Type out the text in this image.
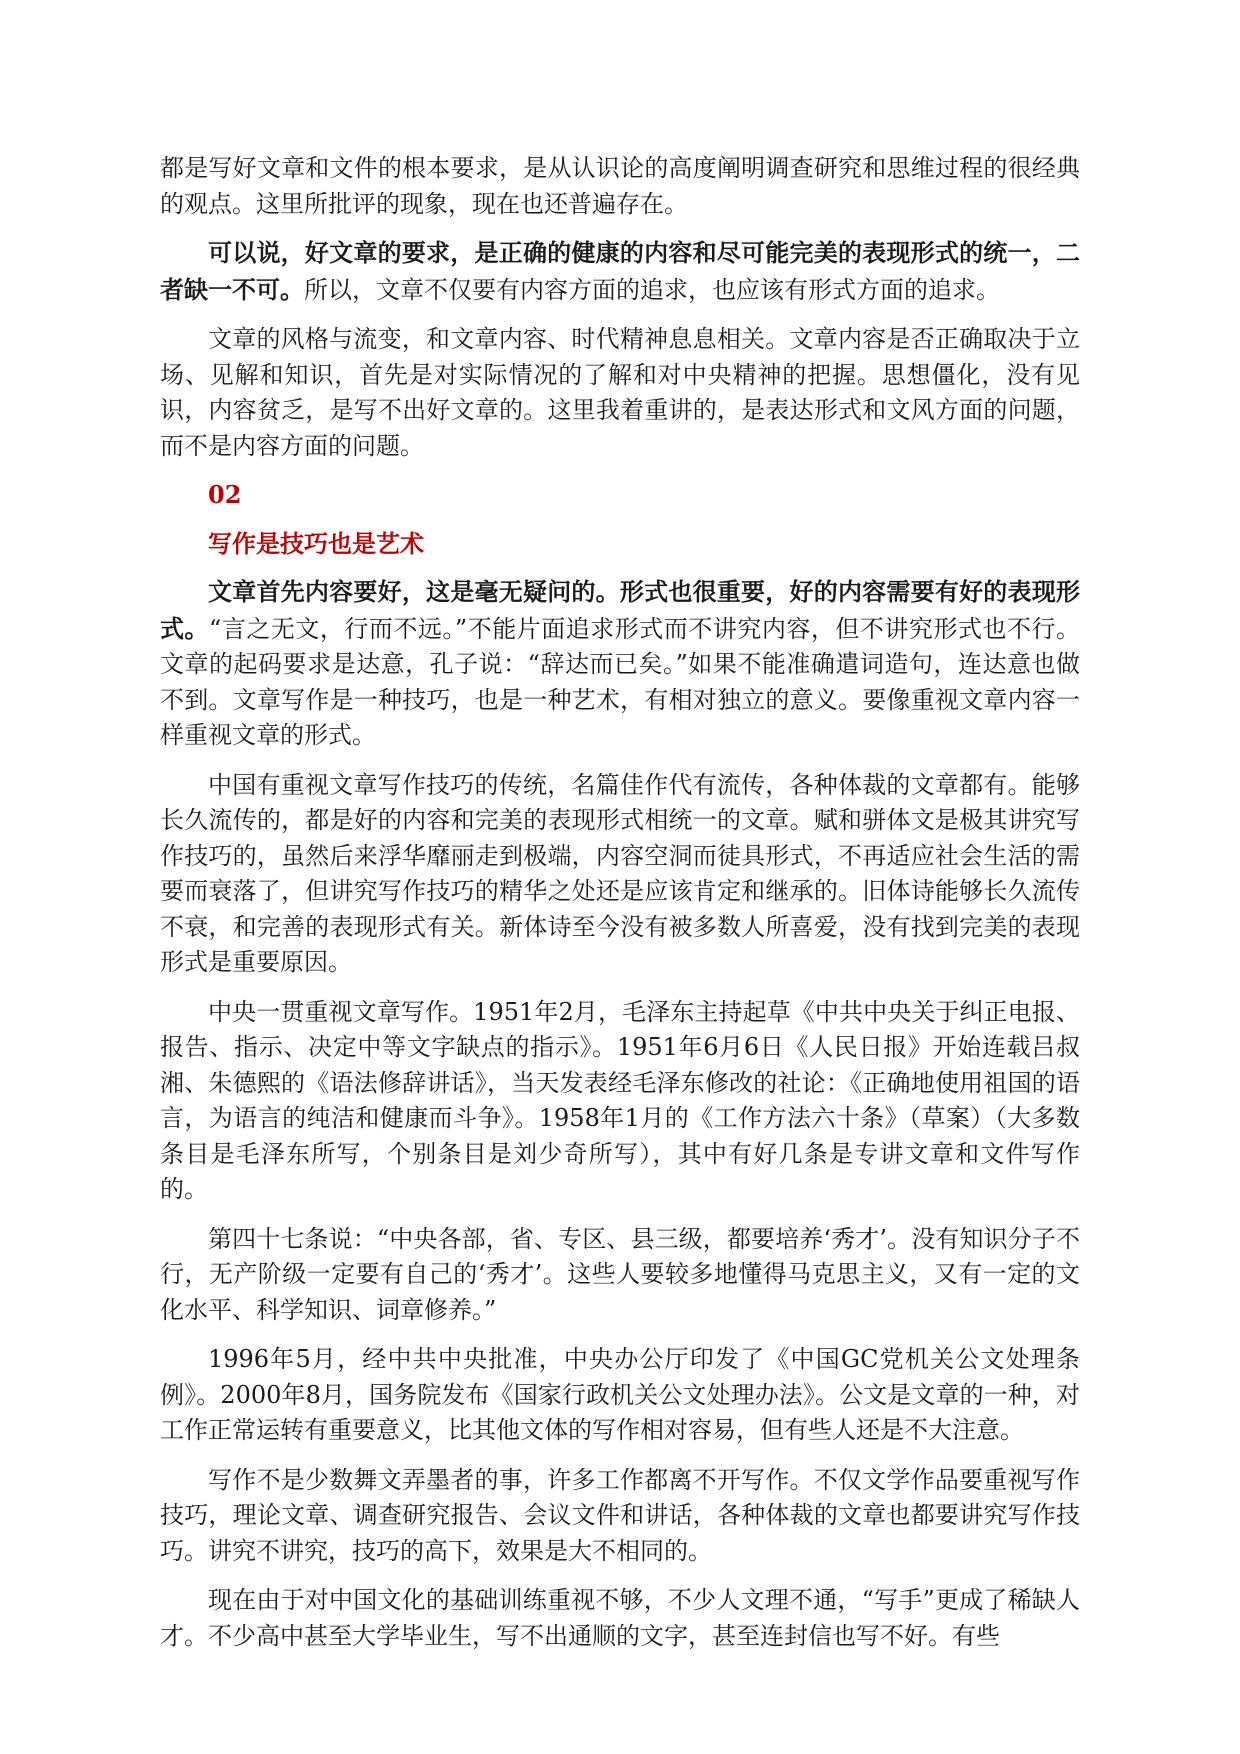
都是写好文章和文件的根本要求，是从认识论的高度阐明调查研究和思维过程的很经典的观点。这里所批评的现象，现在也还普遍存在。

可以说，好文章的要求，是正确的健康的内容和尽可能完美的表现形式的统一，二者缺一不可。所以，文章不仅要有内容方面的追求，也应该有形式方面的追求。

文章的风格与流变，和文章内容、时代精神息息相关。文章内容是否正确取决于立场、见解和知识，首先是对实际情况的了解和对中央精神的把握。思想僵化，没有见识，内容贫乏，是写不出好文章的。这里我着重讲的，是表达形式和文风方面的问题，而不是内容方面的问题。

02

写作是技巧也是艺术

文章首先内容要好，这是毫无疑问的。形式也很重要，好的内容需要有好的表现形式。“言之无文，行而不远。”不能片面追求形式而不讲究内容，但不讲究形式也不行。文章的起码要求是达意，孔子说：“辞达而已矣。”如果不能准确遣词造句，连达意也做不到。文章写作是一种技巧，也是一种艺术，有相对独立的意义。要像重视文章内容一样重视文章的形式。

中国有重视文章写作技巧的传统，名篇佳作代有流传，各种体裁的文章都有。能够长久流传的，都是好的内容和完美的表现形式相统一的文章。赋和骈体文是极其讲究写作技巧的，虽然后来浮华靡丽走到极端，内容空洞而徒具形式，不再适应社会生活的需要而衰落了，但讲究写作技巧的精华之处还是应该肯定和继承的。旧体诗能够长久流传不衰，和完善的表现形式有关。新体诗至今没有被多数人所喜爱，没有找到完美的表现形式是重要原因。

中央一贯重视文章写作。1951年2月，毛泽东主持起草《中共中央关于纠正电报、报告、指示、决定中等文字缺点的指示》。1951年6月6日《人民日报》开始连载吕叔湘、朱德熙的《语法修辞讲话》，当天发表经毛泽东修改的社论：《正确地使用祖国的语言，为语言的纯洁和健康而斗争》。1958年1月的《工作方法六十条》（草案）（大多数条目是毛泽东所写，个别条目是刘少奇所写），其中有好几条是专讲文章和文件写作的。

第四十七条说：“中央各部，省、专区、县三级，都要培养‘秀才’。没有知识分子不行，无产阶级一定要有自己的‘秀才’。这些人要较多地懂得马克思主义，又有一定的文化水平、科学知识、词章修养。”

1996年5月，经中共中央批准，中央办公厅印发了《中国GC党机关公文处理条例》。2000年8月，国务院发布《国家行政机关公文处理办法》。公文是文章的一种，对工作正常运转有重要意义，比其他文体的写作相对容易，但有些人还是不大注意。

写作不是少数舞文弄墨者的事，许多工作都离不开写作。不仅文学作品要重视写作技巧，理论文章、调查研究报告、会议文件和讲话，各种体裁的文章也都要讲究写作技巧。讲究不讲究，技巧的高下，效果是大不相同的。

现在由于对中国文化的基础训练重视不够，不少人文理不通，“写手”更成了稀缺人才。不少高中甚至大学毕业生，写不出通顺的文字，甚至连封信也写不好。有些
